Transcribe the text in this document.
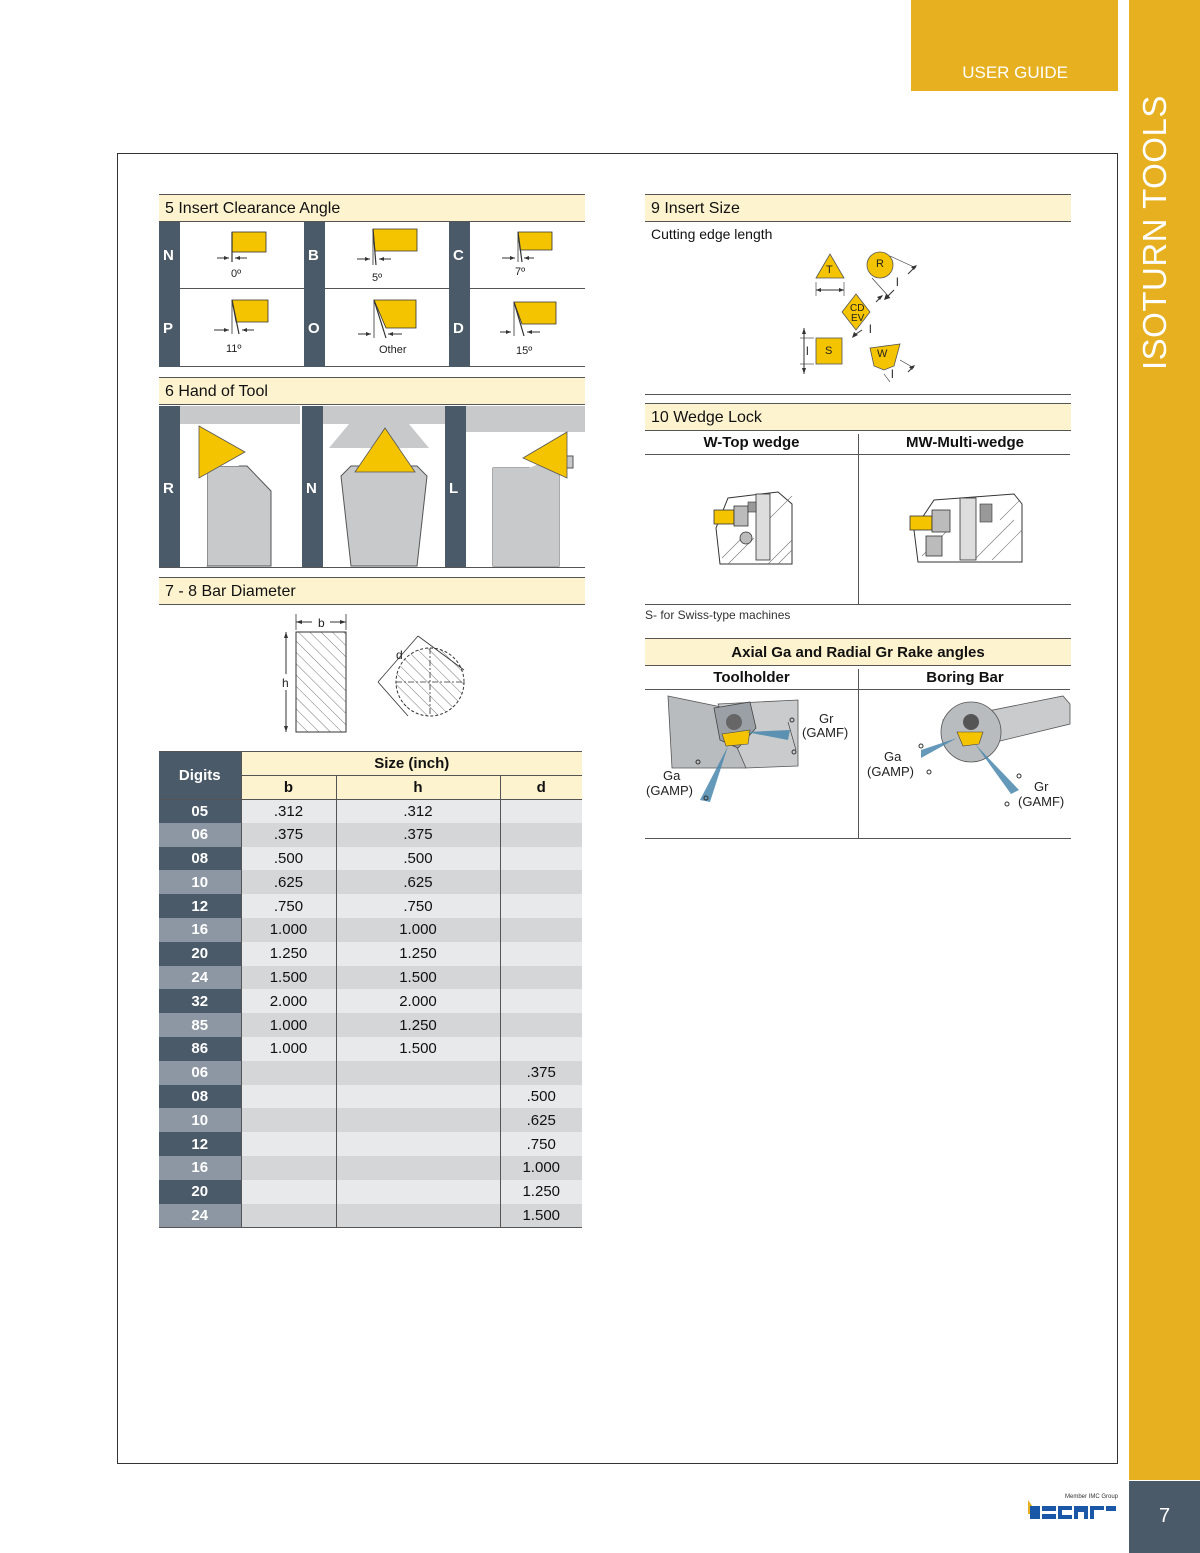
USER GUIDE
ISOTURN TOOLS
7
Member IMC Group
5 Insert Clearance Angle
N	B	C
P	O	D
0º	5º	7º
11º	Other	15º
6 Hand of Tool
R	N	L
7 - 8 Bar Diameter
b
h
d
Digits	Size (inch)		
	b	h	d
05	.312	.312	
06	.375	.375	
08	.500	.500	
10	.625	.625	
12	.750	.750	
16	1.000	1.000	
20	1.250	1.250	
24	1.500	1.500	
32	2.000	2.000	
85	1.000	1.250	
86	1.000	1.500	
06			.375
08			.500
10			.625
12			.750
16			1.000
20			1.250
24			1.500
9 Insert Size
Cutting edge length
T	R
CD
EV
S	W
l
l
l
l
10 Wedge Lock
W-Top wedge	MW-Multi-wedge
S- for Swiss-type machines
Axial Ga and Radial Gr Rake angles
Toolholder	Boring Bar
Gr
(GAMF)
Ga
(GAMP)
Ga
(GAMP)
Gr
(GAMF)
